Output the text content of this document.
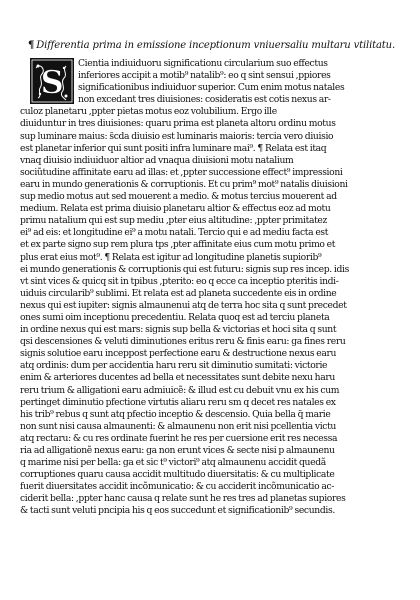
¶ Differentia prima in emissione inceptionum vniuersaliu multaru vtilitatu.
S Cientia indiuiduoru significationu circularium suo effectus
inferiores accipit a motib⁹ natalib⁹: eo q sint sensui ,ppiores
significationibus indiuiduor superior. Cum enim motus natales
non excedant tres diuisiones: cosideratis est cotis nexus ar-
culoz planetaru ,ppter pietas motus eoz volubilium. Ergo ille
diuiduntur in tres diuisiones: quaru prima est planeta altoru ordinu motus
sup luminare maius: s̃cda diuisio est luminaris maioris: tercia vero diuisio
est planetar inferior qui sunt positi infra luminare mai⁹. ¶ Relata est itaq
vnaq diuisio indiuiduor altior ad vnaqua diuisioni motu natalium
sociũtudine affinitate earu ad illas: et ,ppter successione effect⁹ impressioni
earu in mundo generationis & corruptionis. Et cu prim⁹ mot⁹ natalis diuisioni
sup medio motus aut sed mouerent a medio. & motus tercius mouerent ad
medium. Relata est prima diuisio planetaru altior & effectus eoz ad motu
primu natalium qui est sup mediu ,pter eius altitudine: ,ppter primitatez
ei⁹ ad eis: et longitudine ei⁹ a motu natali. Tercio qui e ad mediu facta est
et ex parte signo sup rem plura tps ,pter affinitate eius cum motu primo et
plus erat eius mot⁹. ¶ Relata est igitur ad longitudine planetis supiorib⁹
ei mundo generationis & corruptionis qui est futuru: signis sup res incep. idis
vt sint vices & quicq sit in tpibus ,pterito: eo q ecce ca inceptio pteritis indi-
uiduis circularib⁹ sublimi. Et relata est ad planeta succedente eis in ordine
nexus qui est iupiter: signis almaunenui atq de terra hoc sita q sunt precedet
ones sumi oim inceptionu precedentiu. Relata quoq est ad terciu planeta
in ordine nexus qui est mars: signis sup bella & victorias et hoci sita q sunt
qsi descensiones & veluti diminutiones eritus reru & finis earu: ga fines reru
signis solutioe earu inceppost perfectione earu & destructione nexus earu
atq ordinis: dum per accidentia haru reru sit diminutio sumitati: victorie
enim & arteriores ducentes ad bella et necessitates sunt debite nexu haru
reru trium & alligationi earu admiuicẽ: & illud est cu debuit vnu ex his cum
pertinget diminutio pfectione virtutis aliaru reru sm q decet res natales ex
his trib⁹ rebus q sunt atq pfectio inceptio & descensio. Quia bella q̃ marie
non sunt nisi causa almaunenti: & almaunenu non erit nisi pcellentia victu
atq rectaru: & cu res ordinate fuerint he res per cuersione erit res necessa
ria ad alligationẽ nexus earu: ga non erunt vices & secte nisi p almaunenu
q marime nisi per bella: ga et sic t⁹ victori⁹ atq almaunenu accidit quedã
corruptiones quaru causa accidit multitudo diuersitatis: & cu multiplicate
fuerit diuersitates accidit incõmunicatio: & cu acciderit incõmunicatio ac-
ciderit bella: ,ppter hanc causa q relate sunt he res tres ad planetas supiores
& tacti sunt veluti pncipia his q eos succedunt et significationib⁹ secundis.
